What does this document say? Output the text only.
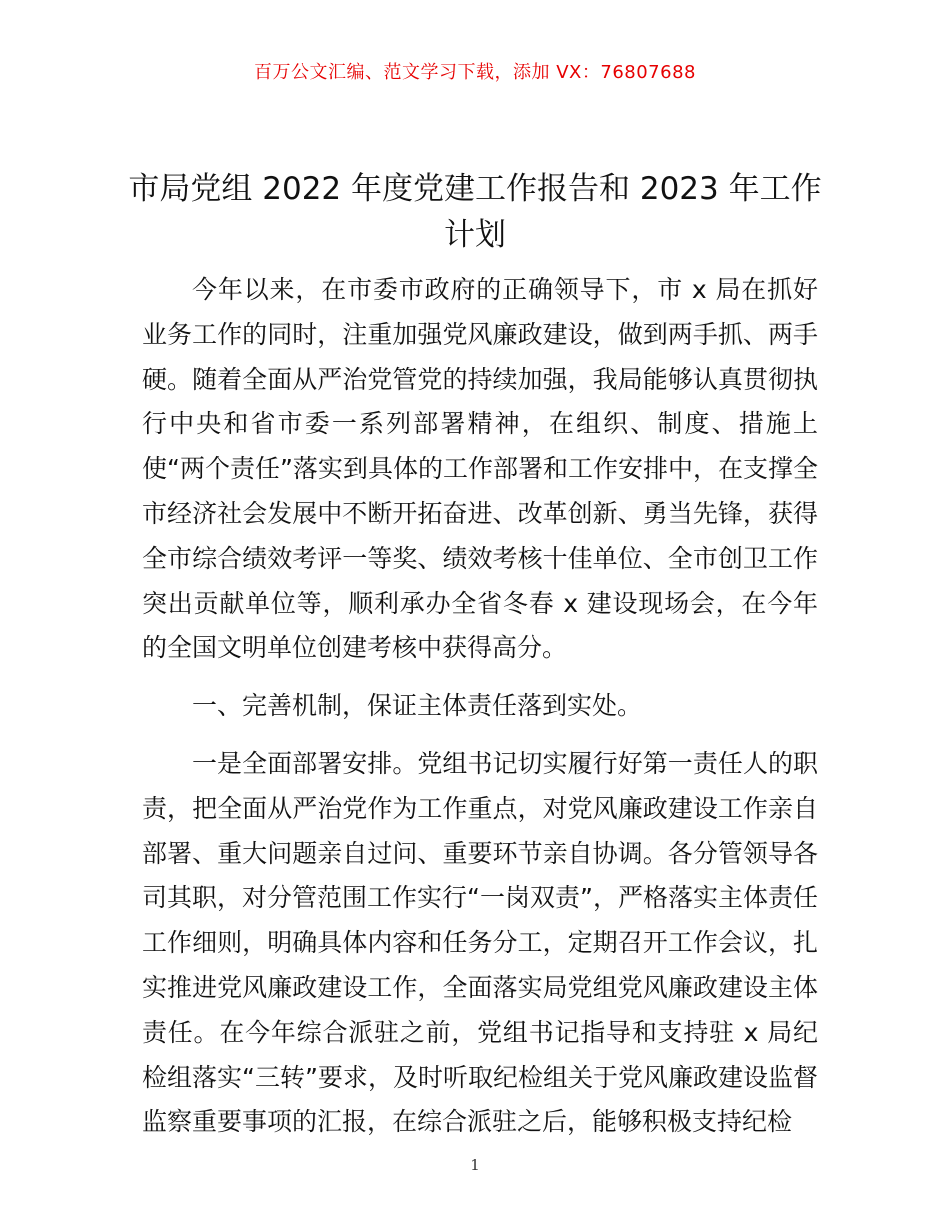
百万公文汇编、范文学习下载，添加 VX：76807688
市局党组 2022 年度党建工作报告和 2023 年工作计划

今年以来，在市委市政府的正确领导下，市 x 局在抓好业务工作的同时，注重加强党风廉政建设，做到两手抓、两手硬。随着全面从严治党管党的持续加强，我局能够认真贯彻执行中央和省市委一系列部署精神，在组织、制度、措施上使“两个责任”落实到具体的工作部署和工作安排中，在支撑全市经济社会发展中不断开拓奋进、改革创新、勇当先锋，获得全市综合绩效考评一等奖、绩效考核十佳单位、全市创卫工作突出贡献单位等，顺利承办全省冬春 x 建设现场会，在今年的全国文明单位创建考核中获得高分。

一、完善机制，保证主体责任落到实处。

一是全面部署安排。党组书记切实履行好第一责任人的职责，把全面从严治党作为工作重点，对党风廉政建设工作亲自部署、重大问题亲自过问、重要环节亲自协调。各分管领导各司其职，对分管范围工作实行“一岗双责”，严格落实主体责任工作细则，明确具体内容和任务分工，定期召开工作会议，扎实推进党风廉政建设工作，全面落实局党组党风廉政建设主体责任。在今年综合派驻之前，党组书记指导和支持驻 x 局纪检组落实“三转”要求，及时听取纪检组关于党风廉政建设监督监察重要事项的汇报，在综合派驻之后，能够积极支持纪检

1
